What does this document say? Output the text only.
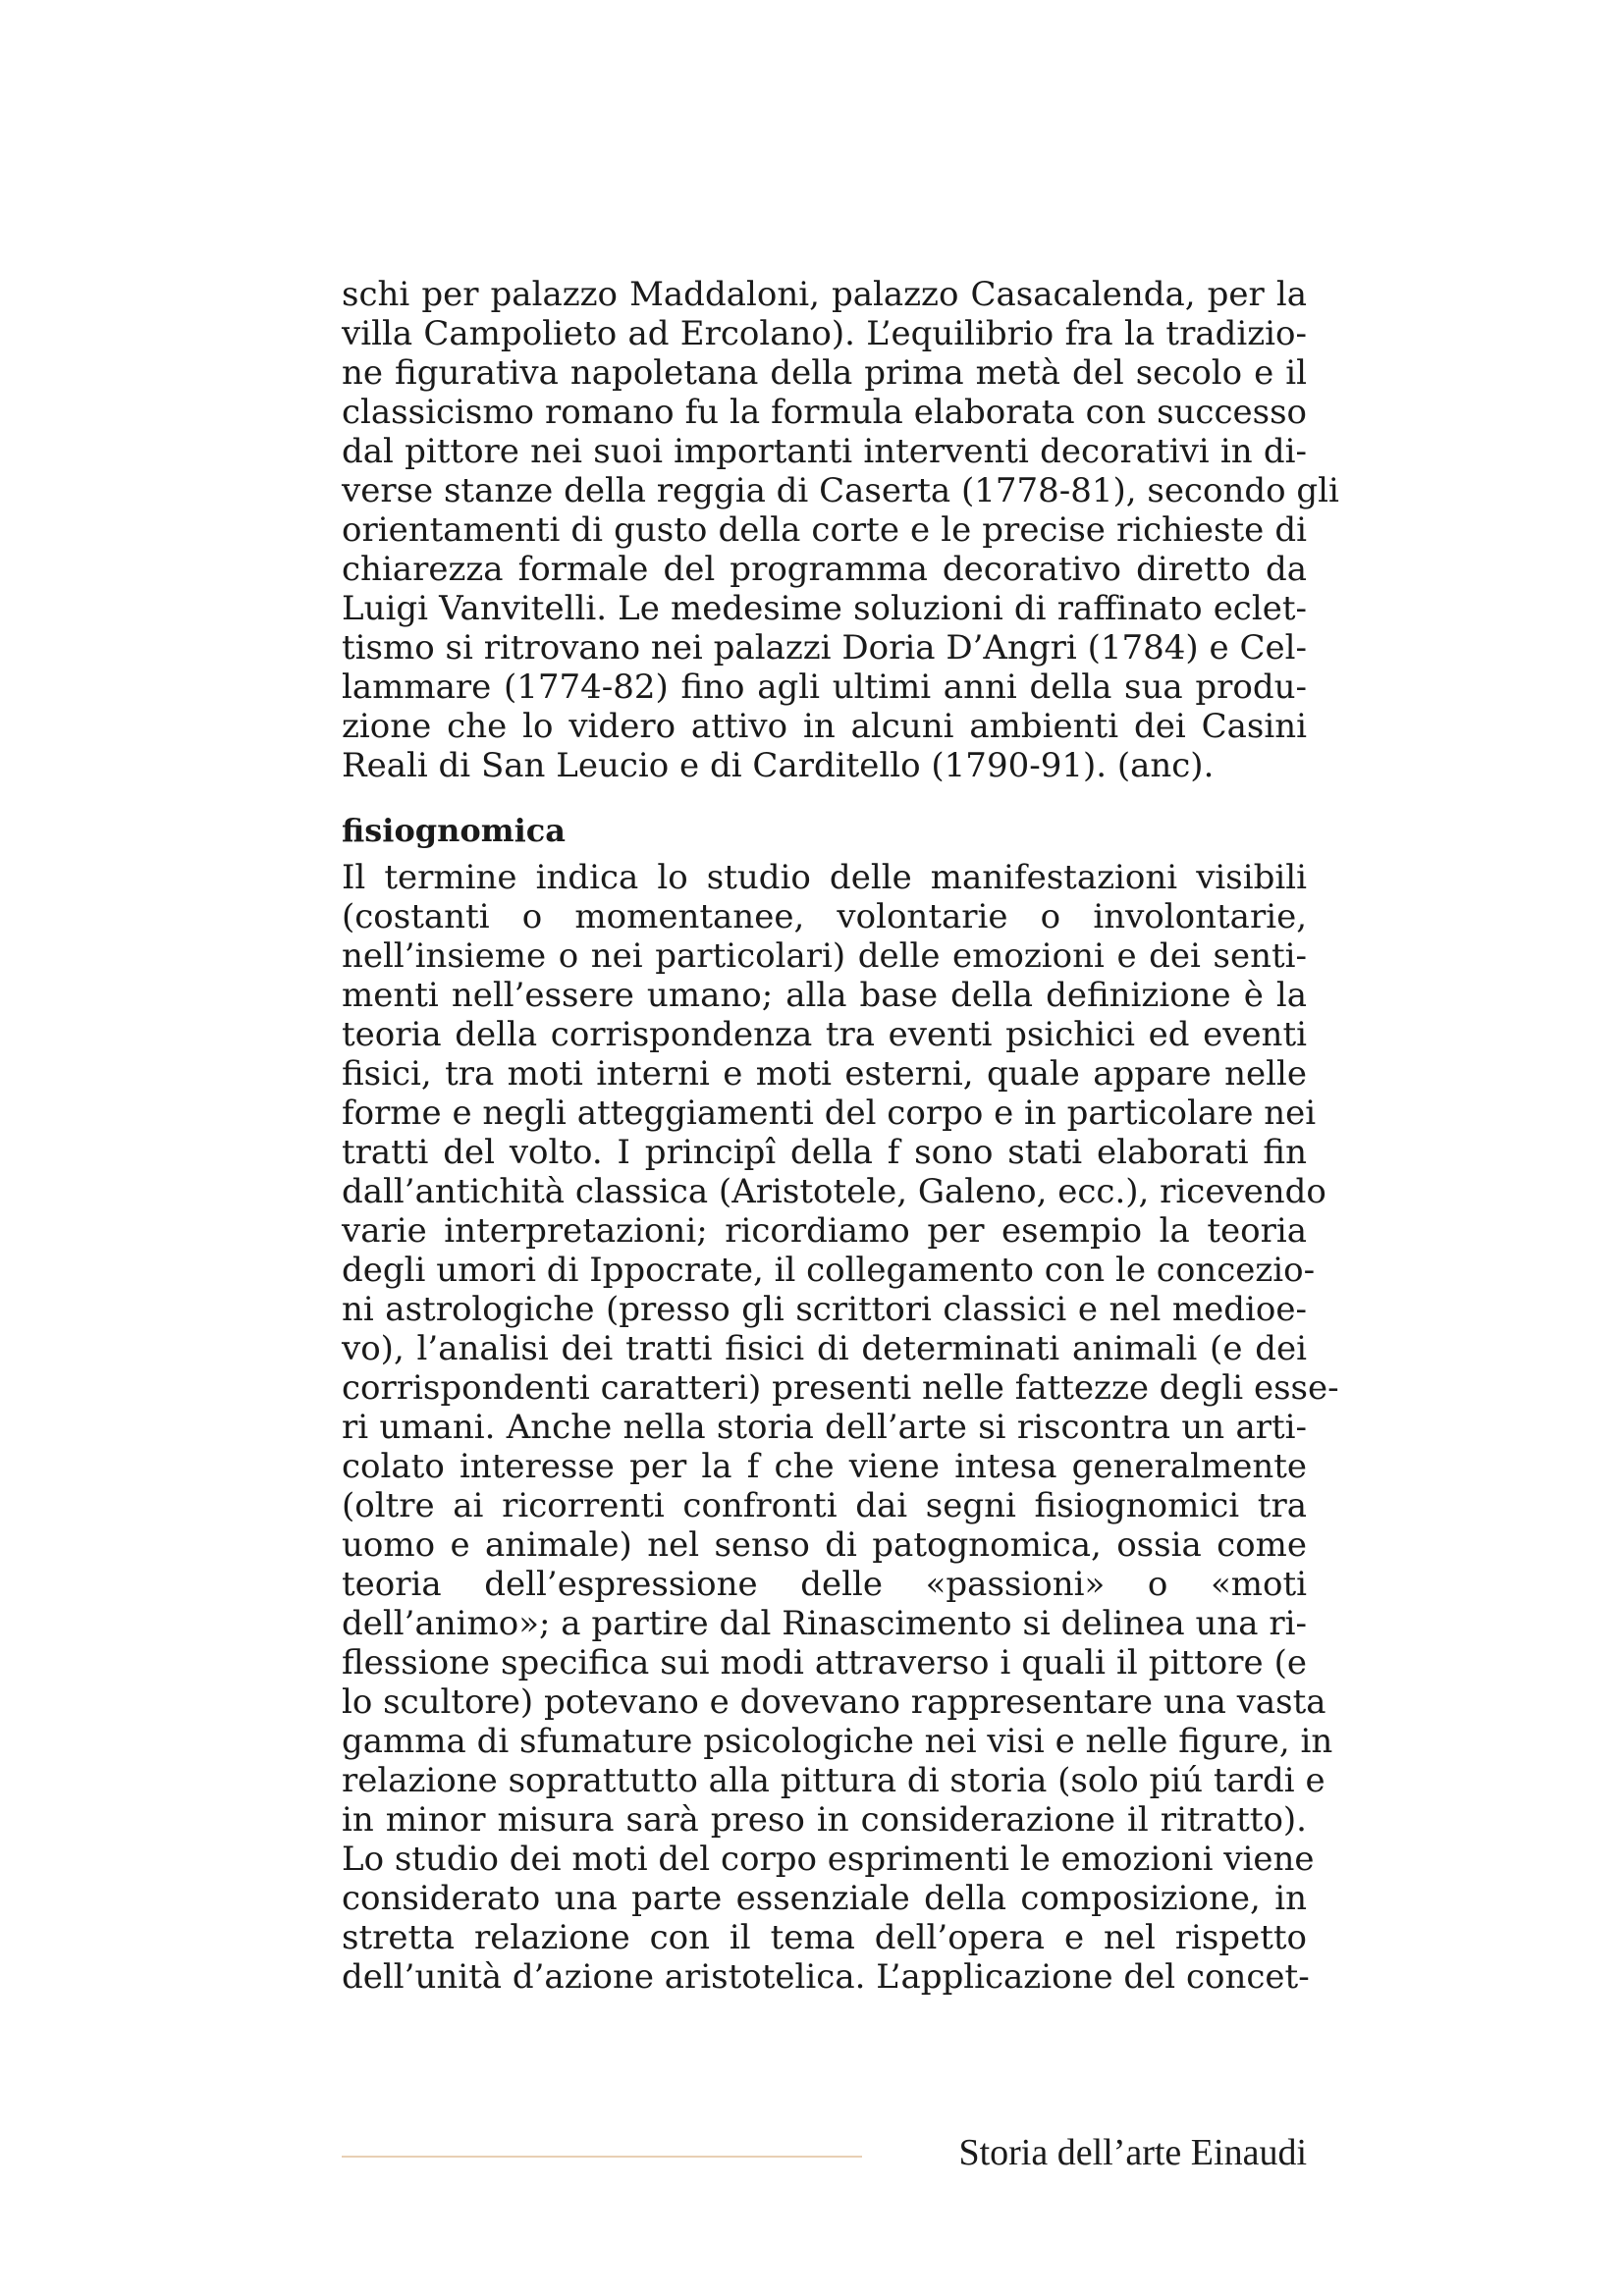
schi per palazzo Maddaloni, palazzo Casacalenda, per la
villa Campolieto ad Ercolano). L’equilibrio fra la tradizio-
ne figurativa napoletana della prima metà del secolo e il
classicismo romano fu la formula elaborata con successo
dal pittore nei suoi importanti interventi decorativi in di-
verse stanze della reggia di Caserta (1778-81), secondo gli
orientamenti di gusto della corte e le precise richieste di
chiarezza formale del programma decorativo diretto da
Luigi Vanvitelli. Le medesime soluzioni di raffinato eclet-
tismo si ritrovano nei palazzi Doria D’Angri (1784) e Cel-
lammare (1774-82) fino agli ultimi anni della sua produ-
zione che lo videro attivo in alcuni ambienti dei Casini
Reali di San Leucio e di Carditello (1790-91). (anc).
fisiognomica
Il termine indica lo studio delle manifestazioni visibili
(costanti o momentanee, volontarie o involontarie,
nell’insieme o nei particolari) delle emozioni e dei senti-
menti nell’essere umano; alla base della definizione è la
teoria della corrispondenza tra eventi psichici ed eventi
fisici, tra moti interni e moti esterni, quale appare nelle
forme e negli atteggiamenti del corpo e in particolare nei
tratti del volto. I principî della f sono stati elaborati fin
dall’antichità classica (Aristotele, Galeno, ecc.), ricevendo
varie interpretazioni; ricordiamo per esempio la teoria
degli umori di Ippocrate, il collegamento con le concezio-
ni astrologiche (presso gli scrittori classici e nel medioe-
vo), l’analisi dei tratti fisici di determinati animali (e dei
corrispondenti caratteri) presenti nelle fattezze degli esse-
ri umani. Anche nella storia dell’arte si riscontra un arti-
colato interesse per la f che viene intesa generalmente
(oltre ai ricorrenti confronti dai segni fisiognomici tra
uomo e animale) nel senso di patognomica, ossia come
teoria dell’espressione delle «passioni» o «moti
dell’animo»; a partire dal Rinascimento si delinea una ri-
flessione specifica sui modi attraverso i quali il pittore (e
lo scultore) potevano e dovevano rappresentare una vasta
gamma di sfumature psicologiche nei visi e nelle figure, in
relazione soprattutto alla pittura di storia (solo piú tardi e
in minor misura sarà preso in considerazione il ritratto).
Lo studio dei moti del corpo esprimenti le emozioni viene
considerato una parte essenziale della composizione, in
stretta relazione con il tema dell’opera e nel rispetto
dell’unità d’azione aristotelica. L’applicazione del concet-
Storia dell’arte Einaudi
